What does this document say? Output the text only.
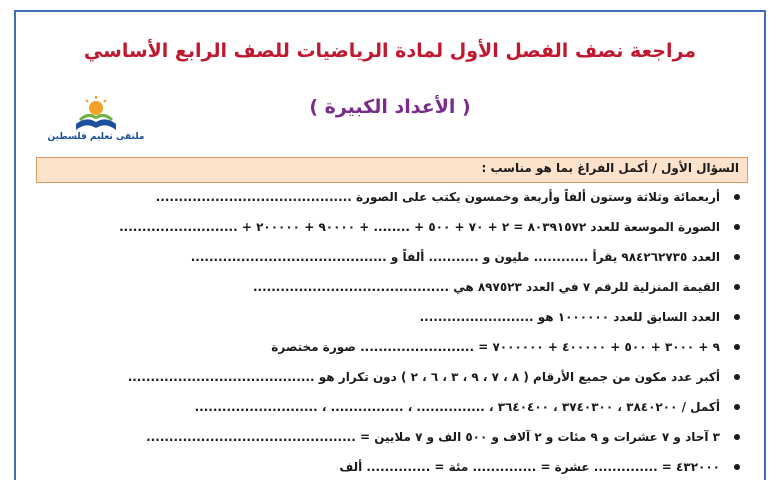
مراجعة نصف الفصل الأول لمادة الرياضيات للصف الرابع الأساسي
( الأعداد الكبيرة )
ملتقى تعليم فلسطين
السؤال الأول / أكمل الفراغ بما هو مناسب :
أربعمائة وثلاثة وستون ألفاً وأربعة وخمسون يكتب على الصورة ...........................................
الصورة الموسعة للعدد ٨٠٣٩١٥٧٢ = ٢ + ٧٠ + ٥٠٠ + ........ + ٩٠٠٠٠ + ٢٠٠٠٠٠ + ..........................
العدد ٩٨٤٢٦٢٧٣٥ يقرأ ............ مليون و ........... ألفاً و ...........................................
القيمة المنزلية للرقم ٧ في العدد ٨٩٧٥٢٣ هي ...........................................
العدد السابق للعدد ١٠٠٠٠٠٠ هو .........................
٩ + ٣٠٠٠ + ٥٠٠ + ٤٠٠٠٠٠ + ٧٠٠٠٠٠٠ = ......................... صورة مختصرة
أكبر عدد مكون من جميع الأرقام ( ٨ ، ٧ ، ٩ ، ٣ ، ٦ ، ٢ ) دون تكرار هو .........................................
أكمل / ٣٨٤٠٢٠٠ ، ٣٧٤٠٣٠٠ ، ٣٦٤٠٤٠٠ ، ............... ، ................ ، ...........................
٣ آحاد و ٧ عشرات و ٩ مئات و ٢ آلاف و ٥٠٠ الف و ٧ ملايين = ..............................................
٤٣٢٠٠٠ = .............. عشرة = .............. مئة = .............. ألف
